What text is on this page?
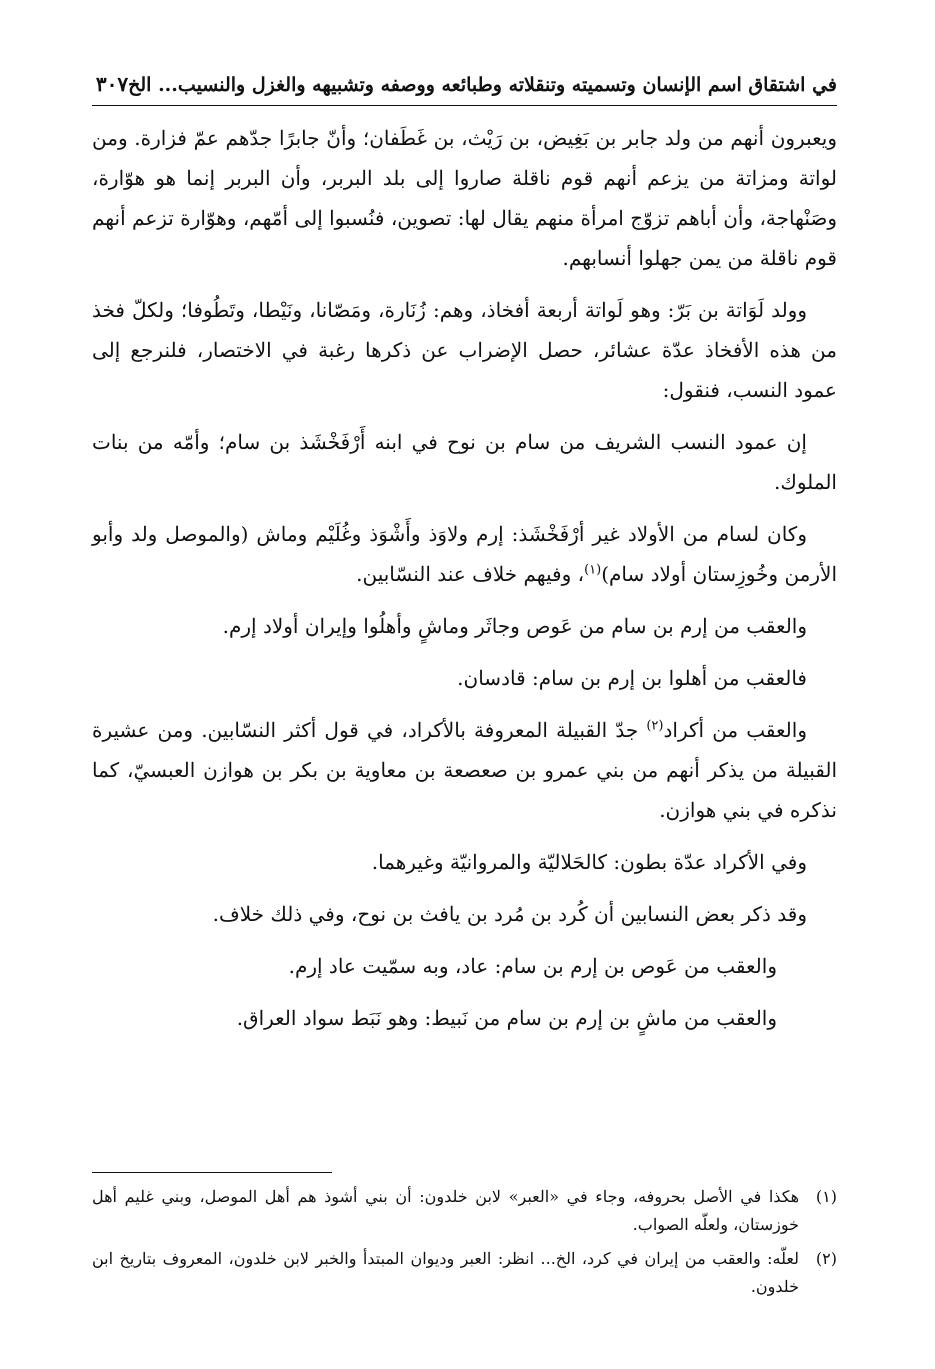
في اشتقاق اسم الإنسان وتسميته وتنقلاته وطبائعه ووصفه وتشبيهه والغزل والنسيب... الخ
٣٠٧

ويعبرون أنهم من ولد جابر بن بَغِيض، بن رَيْث، بن غَطَفان؛ وأنّ جابرًا جدّهم عمّ فزارة. ومن لواتة ومزاتة من يزعم أنهم قوم ناقلة صاروا إلى بلد البربر، وأن البربر إنما هو هوّارة، وصَنْهاجة، وأن أباهم تزوّج امرأة منهم يقال لها: تصوين، فنُسبوا إلى أمّهم، وهوّارة تزعم أنهم قوم ناقلة من يمن جهلوا أنسابهم.

وولد لَوَاتة بن بَرّ: وهو لَواتة أربعة أفخاذ، وهم: زُنَارة، ومَصّانا، ونَيْطا، وتَطُوفا؛ ولكلّ فخذ من هذه الأفخاذ عدّة عشائر، حصل الإضراب عن ذكرها رغبة في الاختصار، فلنرجع إلى عمود النسب، فنقول:

إن عمود النسب الشريف من سام بن نوح في ابنه أَرْفَخْشَذ بن سام؛ وأمّه من بنات الملوك.

وكان لسام من الأولاد غير أرْفَخْشَذ: إرم ولاوَذ وأَشْوَذ وغُلَيْم وماش (والموصل ولد وأبو الأرمن وخُوزِستان أولاد سام)$^{(١)}$، وفيهم خلاف عند النسّابين.

والعقب من إرم بن سام من عَوص وجاثَر وماشٍ وأهلُوا وإيران أولاد إرم.

فالعقب من أهلوا بن إرم بن سام: قادسان.

والعقب من أكراد$^{(٢)}$ جدّ القبيلة المعروفة بالأكراد، في قول أكثر النسّابين. ومن عشيرة القبيلة من يذكر أنهم من بني عمرو بن صعصعة بن معاوية بن بكر بن هوازن العبسيّ، كما نذكره في بني هوازن.

وفي الأكراد عدّة بطون: كالحَلاليّة والمروانيّة وغيرهما.

وقد ذكر بعض النسابين أن كُرد بن مُرد بن يافث بن نوح، وفي ذلك خلاف.

والعقب من عَوص بن إرم بن سام: عاد، وبه سمّيت عاد إرم.

والعقب من ماشٍ بن إرم بن سام من نَبيط: وهو نَبَط سواد العراق.

(١)
هكذا في الأصل بحروفه، وجاء في «العبر» لابن خلدون: أن بني أشوذ هم أهل الموصل، وبني غليم أهل خوزستان، ولعلّه الصواب.
(٢)
لعلّه: والعقب من إيران في كرد، الخ... انظر: العبر وديوان المبتدأ والخبر لابن خلدون، المعروف بتاريخ ابن خلدون.
